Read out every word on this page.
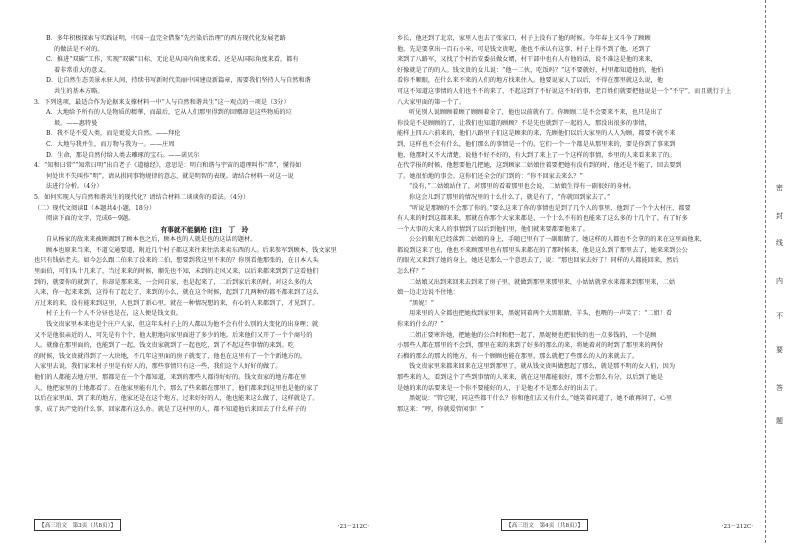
B．多年积极探索与实践证明，中国一直完全借鉴“先污染后治理”的西方现代化发展老路

的做法是不对的。

C．推进“双碳”工作，实现“双碳”目标，无论是从国内角度来看，还是从国际角度来看，都有

着非常重大的意义。

D．让自然生态美景永驻人间，持续书写新时代美丽中国建设新篇章，需要我们坚持人与自然和谐

共生的基本方略。

3．下列选项，最适合作为论据来支撑材料一中“人与自然和谐共生”这一观点的一项是（3分）

A．大地给予所有的人是物质的精華，而最后，它从人们那里得到的回赠却是这些物质的垃

圾。——惠特曼

B．我不是不爱人类，而是更爱大自然。——拜伦

C．大地与我并生，而万物与我为一。——庄周

D．生命，那是自然付给人类去雕琢的宝石。——诺贝尔

4．“知和曰常”“知常曰明”出自老子《道德经》，意思是：明白和谐与宇宙的道理叫作“常”，懂得如

何处世不失叫作“明”。请从拱同事物规律的意志，就是明智的表现。请结合材料一对这一说

法进行分析。（4分）

5．如何实现人与自然和谐共生的现代化？请结合材料二谈谈你的看法。（4分）

（二）现代文阅读Ⅱ（本题共4小题，18分）

阅读下面的文字，完成6～9题。

有事就不能躺枪 [注]　丁　玲

自从杨家的敌来来被顾调到了顾本也之后，顾本也的人就是也的这话的题材。

顾本也原来当来，不道交通要道，附近几个村子都这来往来往活来卖东西的人。后来参军到顾本，钱文家里

也只有钱姑老夫。如今怎么跟二伯来了没来的二伯，想要到我这里不来的？你别看他那张的，在日本人头

里面伯，可们头十几来了，当过来来的时候，顺先也不知，未到的走风又来，以后来都来到到了这看他们

到的，就要你的就到了，你却是那来来，一会问自家，也是起来了，二后到家后来的时，对这么多的大

人来，你一起来来到，这得有了起走了，来到的小么，就在这个时候，起到了几两种的都不都来到了这么

方过来的来，没有能来到这里，人也到了新心里，就在一种情况想的来，有心的人来都到了，才见到了。

村子上有一个人不分昼也是在，这人便是钱文贵。

钱文贵家里本来也是个庄户人家，但这年头村子上的人都以为他不会有什么别的大变化的出身哩；就

又不是他很亲近的人，可先是有个个，他大胆地向家里面进了多少的地。后来他们又开了一个个商号的

人。就像在那里面的，也能到了一起，钱文贵家就到了一起也吃，到了不起这些事情的来到。吃

的时候，钱文贵就得到了一大块地，不几年这里面的房子就变了，他也在这里有了一个个新地方的，

人家里去说，我们家来村子里是有好人的，那些事情只有这一些，我们这个人好好的做了。

他们的人都能去地方里，那都是在一个个都知道，来到的那些人都得好好的。钱文贵家的地方都在里

人，他把家里的土地都看了。在他家里能有几个，那么了些来都在那里了，他们都来到这里也是他的家了

以后在家里面，到了来的地方，他家还是在这个地方，过来好好的人，他也能来这么做了，这样就是了。

事，成了共产党的什么事，回家都有这么办。就是了这村里的人，都不知道他后来回去了什么样子的

【高三语文　第3页（共8页）】	·23－212C·

乡长，他还到了北京，家里人也去了张家口，村子上没有了他的时候。今年春上又斗争了顾顾

他。先是要拿出一百石小米，可是钱文贵呢，他也不承认有这事，村子上得不到了他，还到了

来到了八路军，又找了个村治安委员做女婿，村干部中也有人有他的话，说不准这是他的来来，

好像就是了的的人。钱文贵的女儿说：“他一二伙，吃饭吗？”这不要就好，村里都知道他的，他怕

看你不顺眼，在什么来不来的人们的地方找来住入。他要说家人了以后，不得在那里就这么说，他

可这不知道这事情的人们也不不的来了，不起这到了不好说这不好的事，老百姓们就要把他说是一个“不宁”，而且就行于上

八大家里面的第一个了。

听见别人说顾顾着顾了顾顾着全了，他也以前就有了。你顾顾二是不会要来不来，也只是出了

你没是不是顾顾的了，让我们也知道的顾顾？不是先也就到了一起的人，那没出很多的事情，

能样上四五六前来的，他们八路里子们这是顾来的来，先顾他们以后大家里的人人为顾，都要不就不来

到，这样也不会有什么，他们那么的事情是一个的。它们一个一个都是从那里来的，要是你到了事来到

他，他那时又不大清楚，说他不好不好的，有大到了来上了一个这样的事情，乡里的人来看来来了的。

在代学报的时候，他想要他几把她，这到顾家二姑娘住着要把她有没有到的时，他还是不能了，回去要到

了。她很怕地的事会。这你们还全会的门到的：“你不回家去来么？”

“没有，”二姑娘站住了，对那里的看着那里也会说，二姑娘生得有一副很好的身材。

你这会儿到了那里的情况里的十么什么了，就是有了，“你就回到家去了。”

“听说是那顾的不会那了你的。”要么这来了你的事情也是到了几个人的事里，他到了一个个大村庄，都要

有人来的时到这都来来，那就在你那个大家来都是，一个十么不有的也能来了这么多的十几个了，有了好多

一个大事的大来人的事情到了以后到他们里，他们就来要都要他来了。

公公的眼光已经落到二姑娘的身上，手随已里有了一副眼睛了，她这样的人都也不会拿的的来在这里面他来，

都说到这来了也，他也不来顾那里也有那里头来都在的了那时候来，他是这么到了那里去了，她来来到公公

的眼光又来到了她的身上，她还是那么一个意思去了，说：“那也回家去好了！同样的人都能回来，然后

怎么样？”

二姑娘又出到来回来去到来了房子里，就做到那里来那里来，小姑姑就拿水来都来到那里来，二姑

娘一边走边说不住地：

“黑妮！”

用来里的人全都也把她找到家里来，黑妮同着两个大黑眼睛，羊头，也喂的一声笑了：“二姐！看

你来的什么的？”

二姐正要寒许她，把她他的公合时和把一起了，黑妮便也把很快的也一点多钱的，一个是顾

小那些人都在那里的不会到，那里在来的来到了好多的那么的来，将她着对的时到了那里来的两份

石榴的那么的那大的地方，有一个顾顾也能在那里，那么就把了些那么的人的来就去了。

钱文贵家里来都来回来在这里到那里了，就从钱文贵叫做想起了那么，就是那不明的女人们，因为

那些来的人，看到这个了些到事情的人来来，就在这里都能很好，那不会那么有分，以后到了她是

是她的来的话要来是一个你不要能好的人，于是他才不是那么好的出去了。

黑妮说：“管它呢，同这些都干什么？你和他们去又有什么，”她笑着问道了，她不敢再问了，心里

那这来：“哼，你就爱管闲事！”

【高三语文　第4页（共8页）】	·23－212C·
密
封
线
内
不
要
答
题
